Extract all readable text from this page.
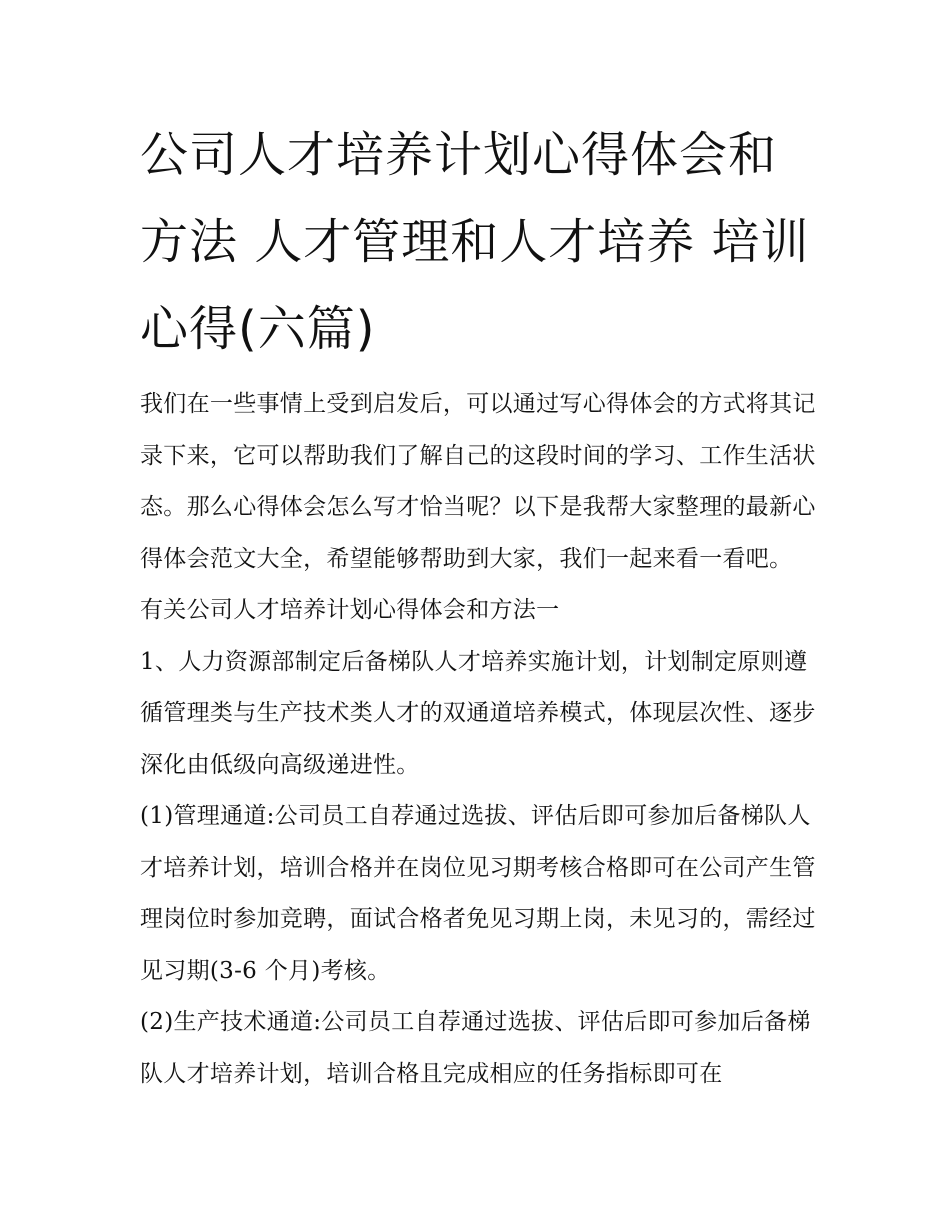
公司人才培养计划心得体会和方法 人才管理和人才培养 培训心得(六篇)

我们在一些事情上受到启发后，可以通过写心得体会的方式将其记录下来，它可以帮助我们了解自己的这段时间的学习、工作生活状态。那么心得体会怎么写才恰当呢？以下是我帮大家整理的最新心得体会范文大全，希望能够帮助到大家，我们一起来看一看吧。

有关公司人才培养计划心得体会和方法一

1、人力资源部制定后备梯队人才培养实施计划，计划制定原则遵循管理类与生产技术类人才的双通道培养模式，体现层次性、逐步深化由低级向高级递进性。

(1)管理通道:公司员工自荐通过选拔、评估后即可参加后备梯队人才培养计划，培训合格并在岗位见习期考核合格即可在公司产生管理岗位时参加竞聘，面试合格者免见习期上岗，未见习的，需经过见习期(3-6 个月)考核。

(2)生产技术通道:公司员工自荐通过选拔、评估后即可参加后备梯队人才培养计划，培训合格且完成相应的任务指标即可在
